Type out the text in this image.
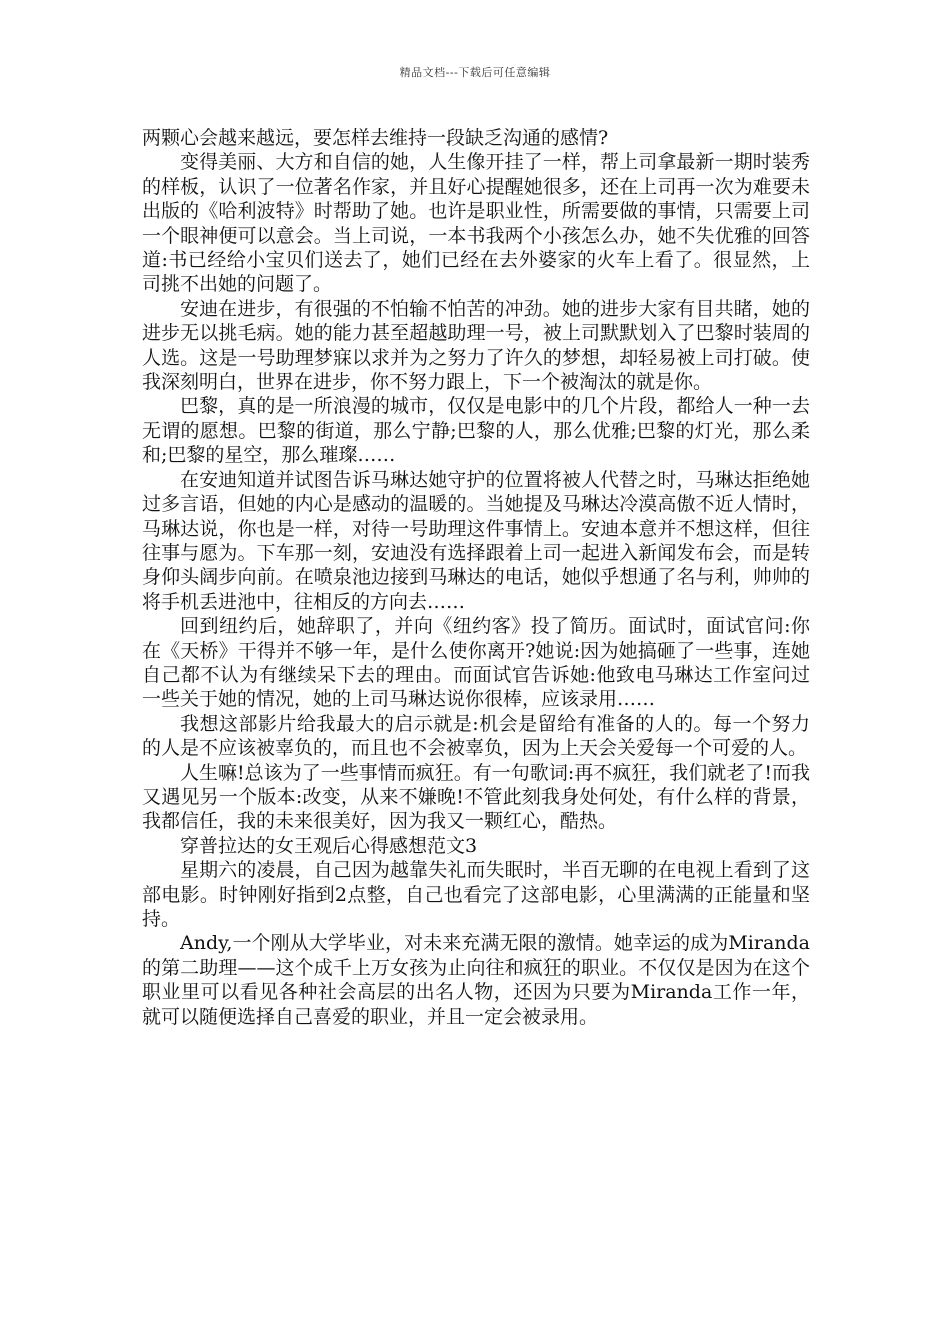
精品文档---下载后可任意编辑

两颗心会越来越远，要怎样去维持一段缺乏沟通的感情?

变得美丽、大方和自信的她，人生像开挂了一样，帮上司拿最新一期时装秀的样板，认识了一位著名作家，并且好心提醒她很多，还在上司再一次为难要未出版的《哈利波特》时帮助了她。也许是职业性，所需要做的事情，只需要上司一个眼神便可以意会。当上司说，一本书我两个小孩怎么办，她不失优雅的回答道:书已经给小宝贝们送去了，她们已经在去外婆家的火车上看了。很显然，上司挑不出她的问题了。

安迪在进步，有很强的不怕输不怕苦的冲劲。她的进步大家有目共睹，她的进步无以挑毛病。她的能力甚至超越助理一号，被上司默默划入了巴黎时装周的人选。这是一号助理梦寐以求并为之努力了许久的梦想，却轻易被上司打破。使我深刻明白，世界在进步，你不努力跟上，下一个被淘汰的就是你。

巴黎，真的是一所浪漫的城市，仅仅是电影中的几个片段，都给人一种一去无谓的愿想。巴黎的街道，那么宁静;巴黎的人，那么优雅;巴黎的灯光，那么柔和;巴黎的星空，那么璀璨……

在安迪知道并试图告诉马琳达她守护的位置将被人代替之时，马琳达拒绝她过多言语，但她的内心是感动的温暖的。当她提及马琳达冷漠高傲不近人情时，马琳达说，你也是一样，对待一号助理这件事情上。安迪本意并不想这样，但往往事与愿为。下车那一刻，安迪没有选择跟着上司一起进入新闻发布会，而是转身仰头阔步向前。在喷泉池边接到马琳达的电话，她似乎想通了名与利，帅帅的将手机丢进池中，往相反的方向去……

回到纽约后，她辞职了，并向《纽约客》投了简历。面试时，面试官问:你在《天桥》干得并不够一年，是什么使你离开?她说:因为她搞砸了一些事，连她自己都不认为有继续呆下去的理由。而面试官告诉她:他致电马琳达工作室问过一些关于她的情况，她的上司马琳达说你很棒，应该录用……

我想这部影片给我最大的启示就是:机会是留给有准备的人的。每一个努力的人是不应该被辜负的，而且也不会被辜负，因为上天会关爱每一个可爱的人。

人生嘛!总该为了一些事情而疯狂。有一句歌词:再不疯狂，我们就老了!而我又遇见另一个版本:改变，从来不嫌晚!不管此刻我身处何处，有什么样的背景，我都信任，我的未来很美好，因为我又一颗红心，酷热。

穿普拉达的女王观后心得感想范文3

星期六的凌晨，自己因为越靠失礼而失眠时，半百无聊的在电视上看到了这部电影。时钟刚好指到2点整，自己也看完了这部电影，心里满满的正能量和坚持。

Andy,一个刚从大学毕业，对未来充满无限的激情。她幸运的成为Miranda的第二助理——这个成千上万女孩为止向往和疯狂的职业。不仅仅是因为在这个职业里可以看见各种社会高层的出名人物，还因为只要为Miranda工作一年，就可以随便选择自己喜爱的职业，并且一定会被录用。
